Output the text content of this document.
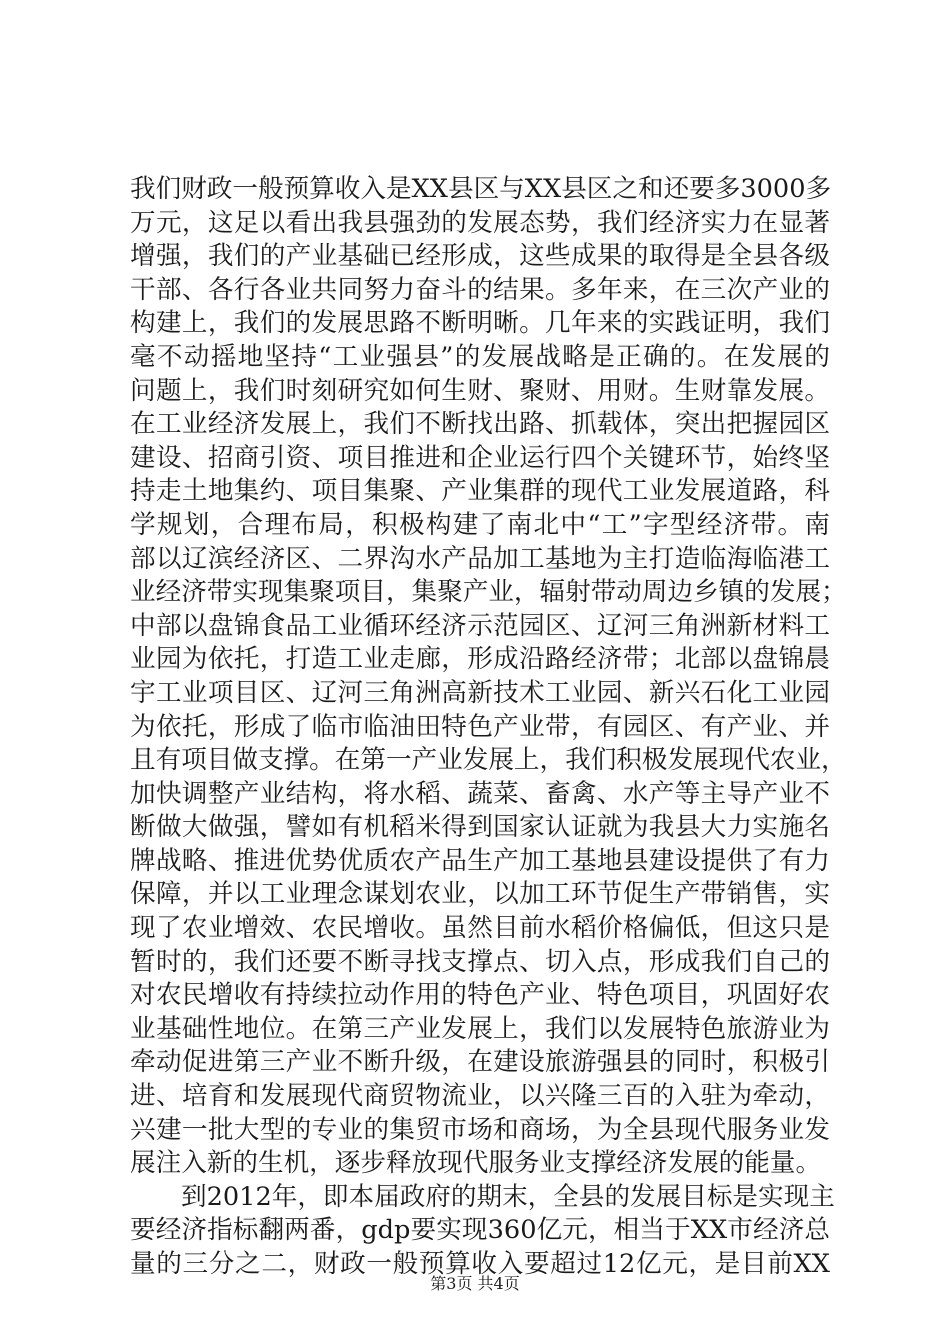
我们财政一般预算收入是XX县区与XX县区之和还要多3000多
万元，这足以看出我县强劲的发展态势，我们经济实力在显著
增强，我们的产业基础已经形成，这些成果的取得是全县各级
干部、各行各业共同努力奋斗的结果。多年来，在三次产业的
构建上，我们的发展思路不断明晰。几年来的实践证明，我们
毫不动摇地坚持“工业强县”的发展战略是正确的。在发展的
问题上，我们时刻研究如何生财、聚财、用财。生财靠发展。
在工业经济发展上，我们不断找出路、抓载体，突出把握园区
建设、招商引资、项目推进和企业运行四个关键环节，始终坚
持走土地集约、项目集聚、产业集群的现代工业发展道路，科
学规划，合理布局，积极构建了南北中“工”字型经济带。南
部以辽滨经济区、二界沟水产品加工基地为主打造临海临港工
业经济带实现集聚项目，集聚产业，辐射带动周边乡镇的发展；
中部以盘锦食品工业循环经济示范园区、辽河三角洲新材料工
业园为依托，打造工业走廊，形成沿路经济带；北部以盘锦晨
宇工业项目区、辽河三角洲高新技术工业园、新兴石化工业园
为依托，形成了临市临油田特色产业带，有园区、有产业、并
且有项目做支撑。在第一产业发展上，我们积极发展现代农业，
加快调整产业结构，将水稻、蔬菜、畜禽、水产等主导产业不
断做大做强，譬如有机稻米得到国家认证就为我县大力实施名
牌战略、推进优势优质农产品生产加工基地县建设提供了有力
保障，并以工业理念谋划农业，以加工环节促生产带销售，实
现了农业增效、农民增收。虽然目前水稻价格偏低，但这只是
暂时的，我们还要不断寻找支撑点、切入点，形成我们自己的
对农民增收有持续拉动作用的特色产业、特色项目，巩固好农
业基础性地位。在第三产业发展上，我们以发展特色旅游业为
牵动促进第三产业不断升级，在建设旅游强县的同时，积极引
进、培育和发展现代商贸物流业，以兴隆三百的入驻为牵动，
兴建一批大型的专业的集贸市场和商场，为全县现代服务业发
展注入新的生机，逐步释放现代服务业支撑经济发展的能量。
到2012年，即本届政府的期末，全县的发展目标是实现主
要经济指标翻两番，gdp要实现360亿元，相当于XX市经济总
量的三分之二，财政一般预算收入要超过12亿元，是目前XX
第3页 共4页
